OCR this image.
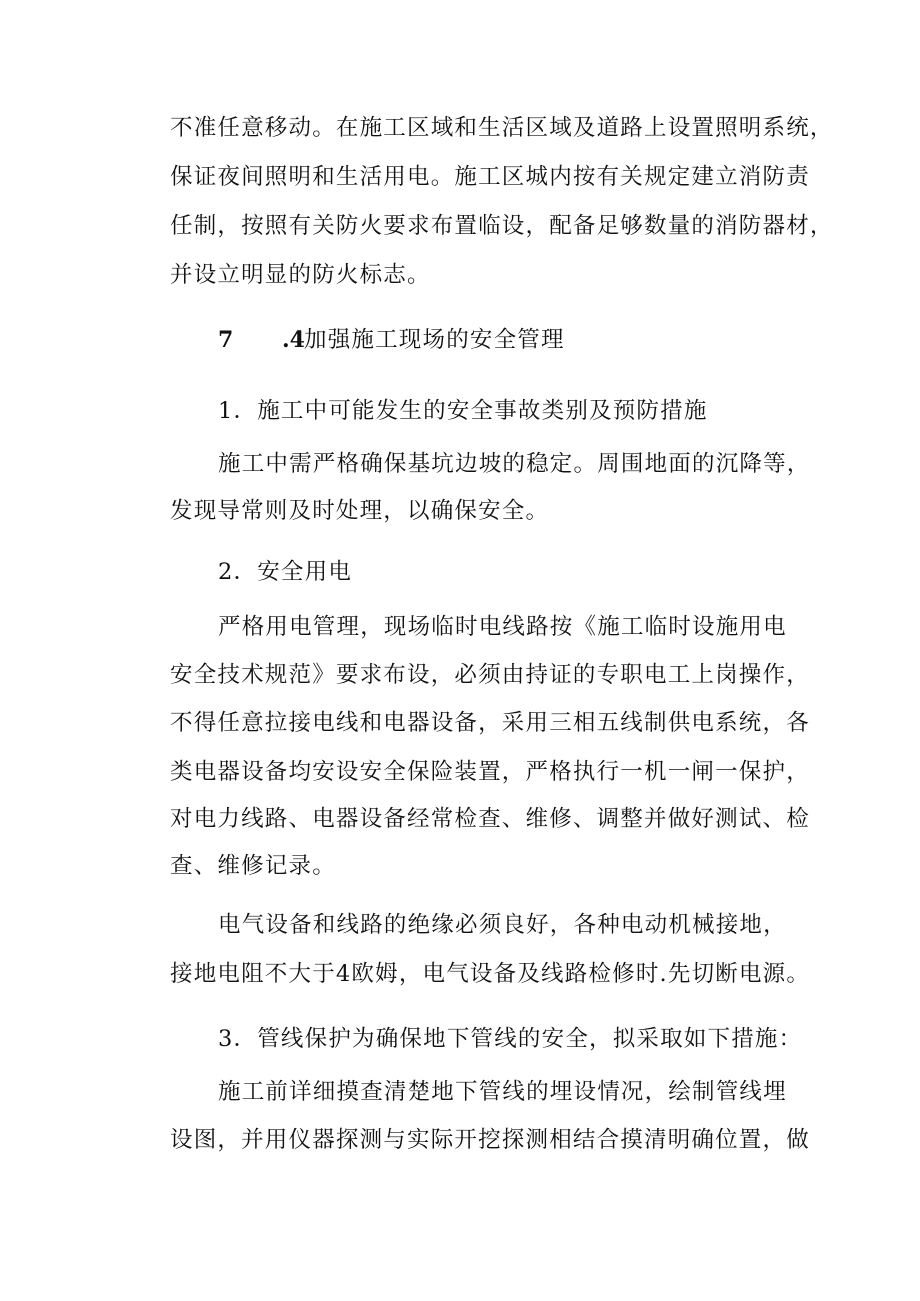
不准任意移动。在施工区域和生活区域及道路上设置照明系统，
保证夜间照明和生活用电。施工区城内按有关规定建立消防责
任制，按照有关防火要求布置临设，配备足够数量的消防器材，
并设立明显的防火标志。
7 .4 加强施工现场的安全管理
1．施工中可能发生的安全事故类别及预防措施
施工中需严格确保基坑边坡的稳定。周围地面的沉降等，
发现导常则及时处理，以确保安全。
2．安全用电
严格用电管理，现场临时电线路按《施工临时设施用电
安全技术规范》要求布设，必须由持证的专职电工上岗操作，
不得任意拉接电线和电器设备，采用三相五线制供电系统，各
类电器设备均安设安全保险装置，严格执行一机一闸一保护，
对电力线路、电器设备经常检查、维修、调整并做好测试、检
查、维修记录。
电气设备和线路的绝缘必须良好，各种电动机械接地，
接地电阻不大于4欧姆，电气设备及线路检修时.先切断电源。
3．管线保护为确保地下管线的安全，拟采取如下措施：
施工前详细摸查清楚地下管线的埋设情况，绘制管线埋
设图，并用仪器探测与实际开挖探测相结合摸清明确位置，做
